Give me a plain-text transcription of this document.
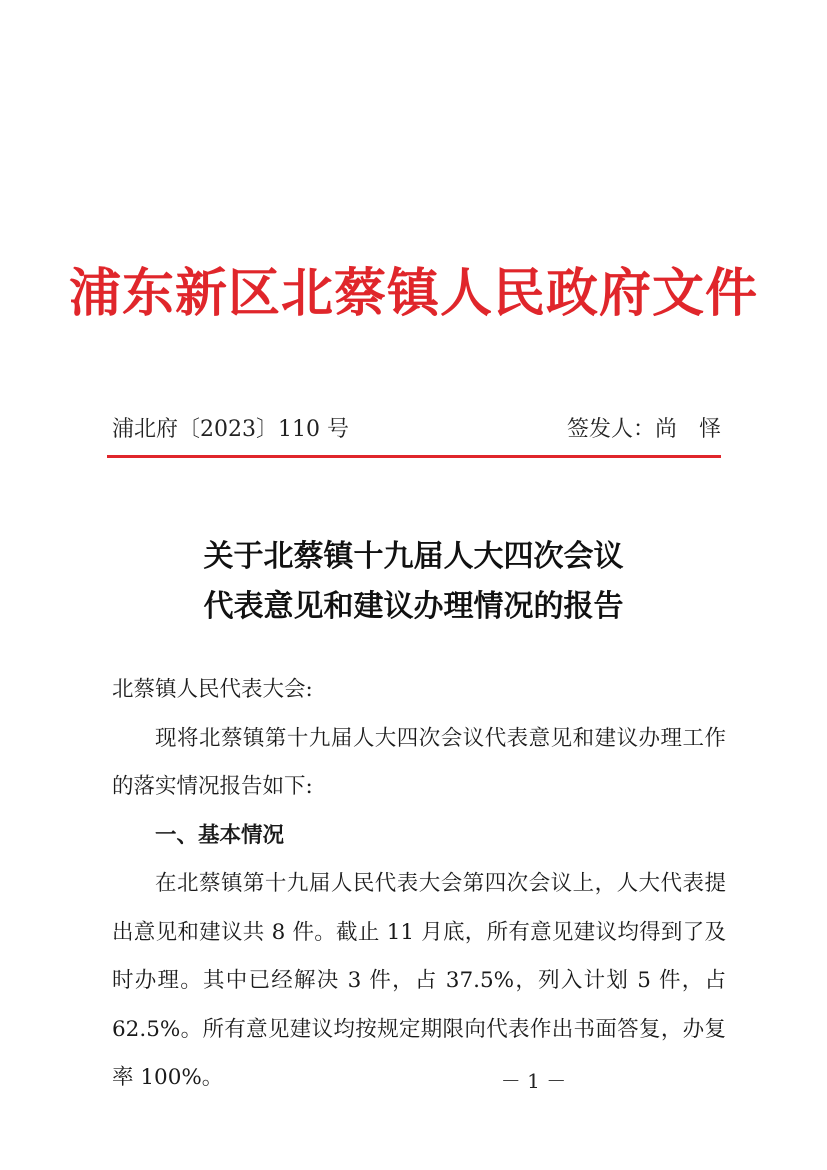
浦东新区北蔡镇人民政府文件
浦北府〔2023〕110 号	签发人：尚　怿
关于北蔡镇十九届人大四次会议
代表意见和建议办理情况的报告

北蔡镇人民代表大会:

现将北蔡镇第十九届人大四次会议代表意见和建议办理工作的落实情况报告如下:

一、基本情况

在北蔡镇第十九届人民代表大会第四次会议上，人大代表提出意见和建议共 8 件。截止 11 月底，所有意见建议均得到了及时办理。其中已经解决 3 件，占 37.5%，列入计划 5 件，占 62.5%。所有意见建议均按规定期限向代表作出书面答复，办复率 100%。	－ 1 －
